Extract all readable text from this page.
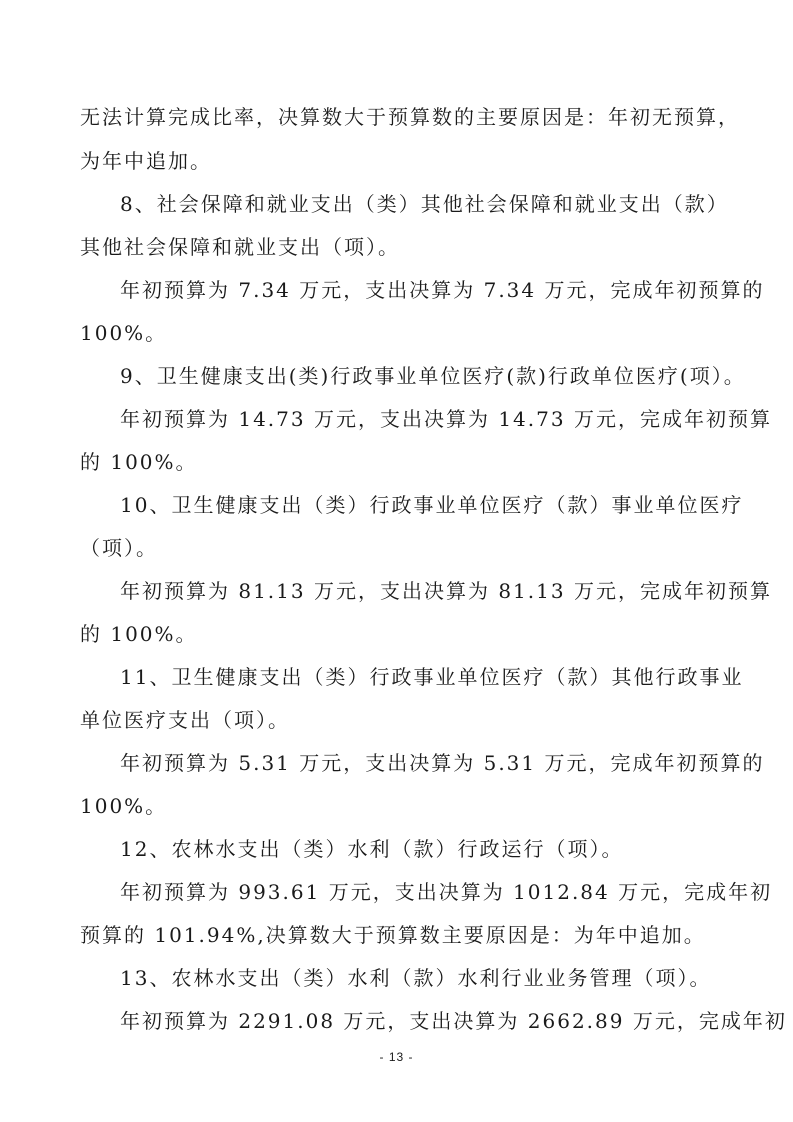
无法计算完成比率，决算数大于预算数的主要原因是：年初无预算，
为年中追加。
8、社会保障和就业支出（类）其他社会保障和就业支出（款）
其他社会保障和就业支出（项）。
年初预算为 7.34 万元，支出决算为 7.34 万元，完成年初预算的
100%。
9、卫生健康支出(类)行政事业单位医疗(款)行政单位医疗(项）。
年初预算为 14.73 万元，支出决算为 14.73 万元，完成年初预算
的 100%。
10、卫生健康支出（类）行政事业单位医疗（款）事业单位医疗
（项）。
年初预算为 81.13 万元，支出决算为 81.13 万元，完成年初预算
的 100%。
11、卫生健康支出（类）行政事业单位医疗（款）其他行政事业
单位医疗支出（项）。
年初预算为 5.31 万元，支出决算为 5.31 万元，完成年初预算的
100%。
12、农林水支出（类）水利（款）行政运行（项）。
年初预算为 993.61 万元，支出决算为 1012.84 万元，完成年初
预算的 101.94%,决算数大于预算数主要原因是：为年中追加。
13、农林水支出（类）水利（款）水利行业业务管理（项）。
年初预算为 2291.08 万元，支出决算为 2662.89 万元，完成年初
- 13 -
